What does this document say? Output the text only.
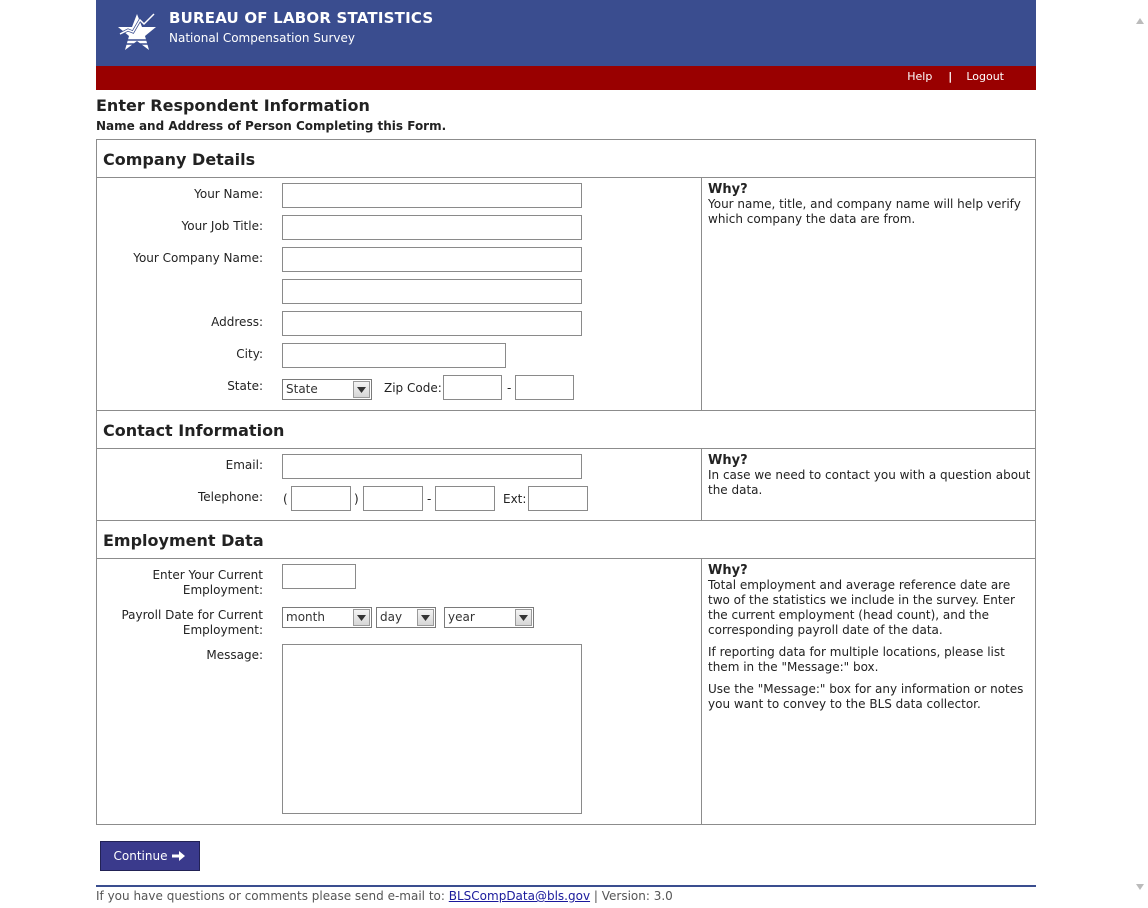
BUREAU OF LABOR STATISTICS
National Compensation Survey
Help | Logout
Enter Respondent Information
Name and Address of Person Completing this Form.
Company Details
Your Name:
Your Job Title:
Your Company Name:
Address:
City:
State:	State	Zip Code:	-
Why?

Your name, title, and company name will help verify which company the data are from.

Contact Information
Email:
Telephone: (	)	-	Ext:
Why?

In case we need to contact you with a question about the data.

Employment Data
Enter Your Current Employment:
Payroll Date for Current Employment:
month	day	year
Message:
Why?

Total employment and average reference date are two of the statistics we include in the survey. Enter the current employment (head count), and the corresponding payroll date of the data.

If reporting data for multiple locations, please list them in the "Message:" box.

Use the "Message:" box for any information or notes you want to convey to the BLS data collector.

Continue
If you have questions or comments please send e-mail to: BLSCompData@bls.gov | Version: 3.0
